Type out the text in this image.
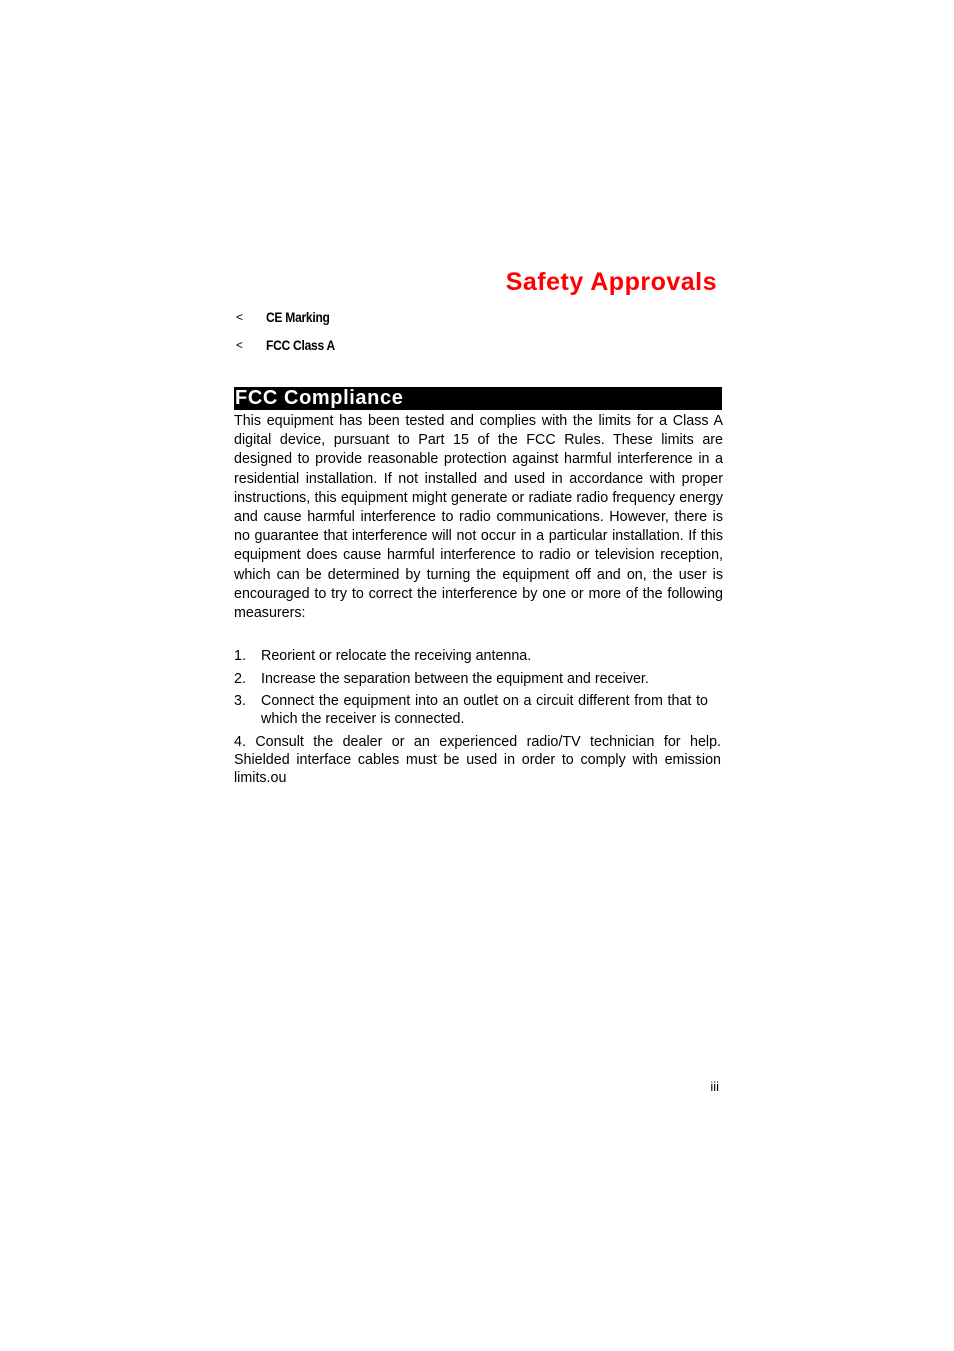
Safety Approvals
<	CE Marking
<	FCC Class A
FCC Compliance

This equipment has been tested and complies with the limits for a Class A digital device, pursuant to Part 15 of the FCC Rules. These limits are designed to provide reasonable protection against harmful interference in a residential installation. If not installed and used in accordance with proper instructions, this equipment might generate or radiate radio frequency energy and cause harmful interference to radio communications. However, there is no guarantee that interference will not occur in a particular installation. If this equipment does cause harmful interference to radio or television reception, which can be determined by turning the equipment off and on, the user is encouraged to try to correct the interference by one or more of the following measurers:

1.	Reorient or relocate the receiving antenna.
2.	Increase the separation between the equipment and receiver.
3.	Connect the equipment into an outlet on a circuit different from that to which the receiver is connected.

4. Consult the dealer or an experienced radio/TV technician for help. Shielded interface cables must be used in order to comply with emission limits.ou

iii
